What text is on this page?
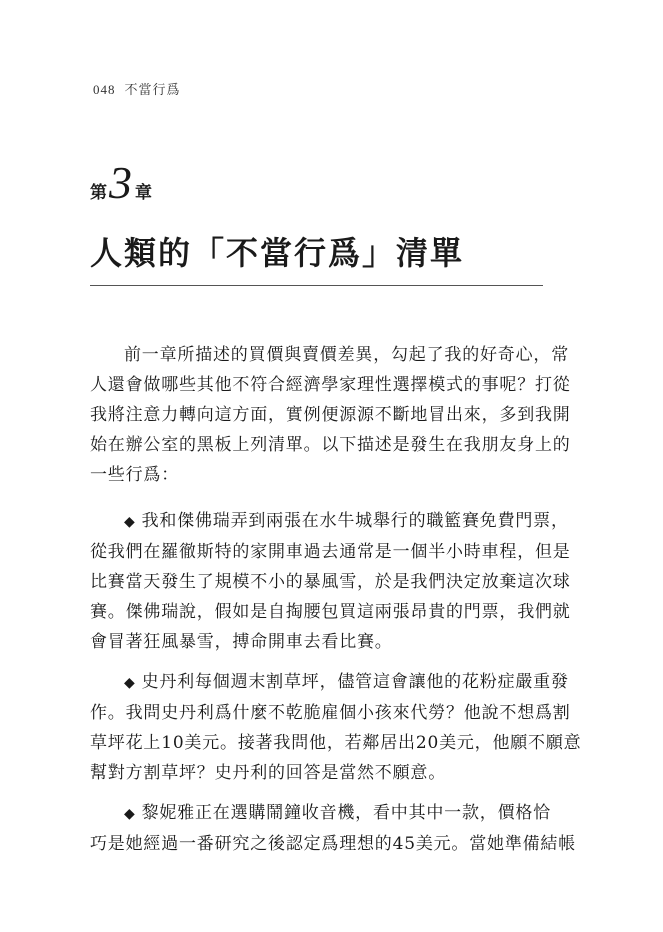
048 不當行爲
第3 章
人類的「不當行爲」清單

前一章所描述的買價與賣價差異，勾起了我的好奇心，常
人還會做哪些其他不符合經濟學家理性選擇模式的事呢？打從
我將注意力轉向這方面，實例便源源不斷地冒出來，多到我開
始在辦公室的黑板上列清單。以下描述是發生在我朋友身上的
一些行爲：

◆ 我和傑佛瑞弄到兩張在水牛城舉行的職籃賽免費門票，
從我們在羅徹斯特的家開車過去通常是一個半小時車程，但是
比賽當天發生了規模不小的暴風雪，於是我們決定放棄這次球
賽。傑佛瑞說，假如是自掏腰包買這兩張昂貴的門票，我們就
會冒著狂風暴雪，搏命開車去看比賽。

◆ 史丹利每個週末割草坪，儘管這會讓他的花粉症嚴重發
作。我問史丹利爲什麼不乾脆雇個小孩來代勞？他說不想爲割
草坪花上10美元。接著我問他，若鄰居出20美元，他願不願意
幫對方割草坪？史丹利的回答是當然不願意。

◆ 黎妮雅正在選購鬧鐘收音機，看中其中一款，價格恰
巧是她經過一番研究之後認定爲理想的45美元。當她準備結帳
